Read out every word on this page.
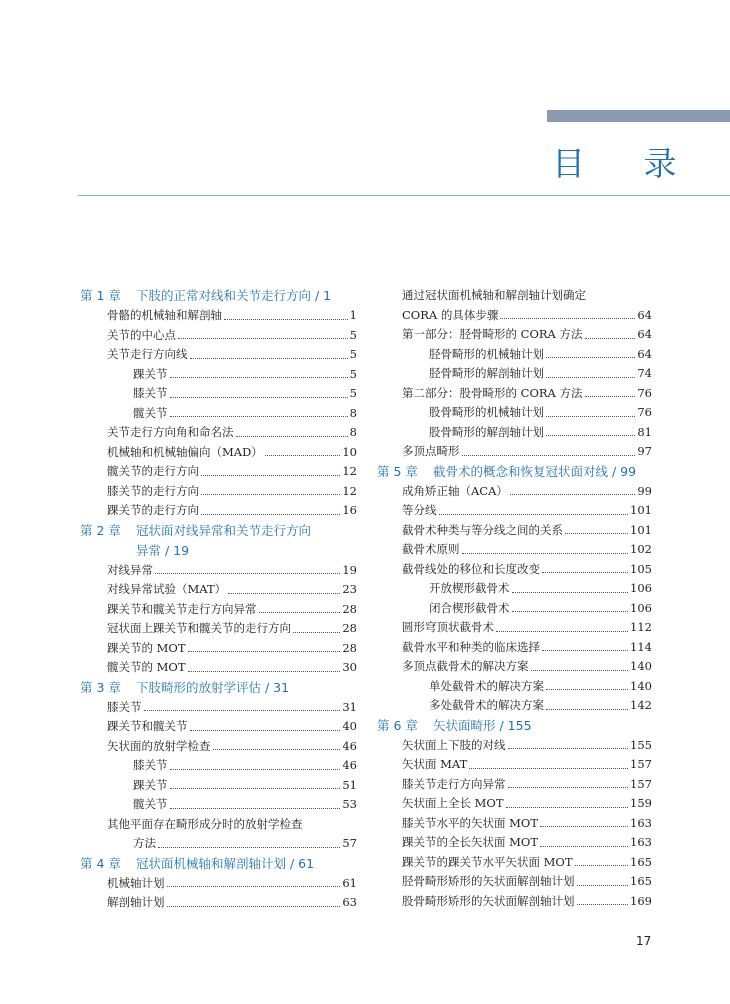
目 录
第 1 章	下肢的正常对线和关节走行方向 / 1
骨骼的机械轴和解剖轴	1
关节的中心点	5
关节走行方向线	5
踝关节	5
膝关节	5
髋关节	8
关节走行方向角和命名法	8
机械轴和机械轴偏向（MAD）	10
髋关节的走行方向	12
膝关节的走行方向	12
踝关节的走行方向	16
第 2 章	冠状面对线异常和关节走行方向
异常 / 19
对线异常	19
对线异常试验（MAT）	23
踝关节和髋关节走行方向异常	28
冠状面上踝关节和髋关节的走行方向	28
踝关节的 MOT	28
髋关节的 MOT	30
第 3 章	下肢畸形的放射学评估 / 31
膝关节	31
踝关节和髋关节	40
矢状面的放射学检查	46
膝关节	46
踝关节	51
髋关节	53
其他平面存在畸形成分时的放射学检查
方法	57
第 4 章	冠状面机械轴和解剖轴计划 / 61
机械轴计划	61
解剖轴计划	63
通过冠状面机械轴和解剖轴计划确定
CORA 的具体步骤	64
第一部分：胫骨畸形的 CORA 方法	64
胫骨畸形的机械轴计划	64
胫骨畸形的解剖轴计划	74
第二部分：股骨畸形的 CORA 方法	76
股骨畸形的机械轴计划	76
股骨畸形的解剖轴计划	81
多顶点畸形	97
第 5 章	截骨术的概念和恢复冠状面对线 / 99
成角矫正轴（ACA）	99
等分线	101
截骨术种类与等分线之间的关系	101
截骨术原则	102
截骨线处的移位和长度改变	105
开放楔形截骨术	106
闭合楔形截骨术	106
圆形穹顶状截骨术	112
截骨水平和种类的临床选择	114
多顶点截骨术的解决方案	140
单处截骨术的解决方案	140
多处截骨术的解决方案	142
第 6 章	矢状面畸形 / 155
矢状面上下肢的对线	155
矢状面 MAT	157
膝关节走行方向异常	157
矢状面上全长 MOT	159
膝关节水平的矢状面 MOT	163
踝关节的全长矢状面 MOT	163
踝关节的踝关节水平矢状面 MOT	165
胫骨畸形矫形的矢状面解剖轴计划	165
股骨畸形矫形的矢状面解剖轴计划	169
17
